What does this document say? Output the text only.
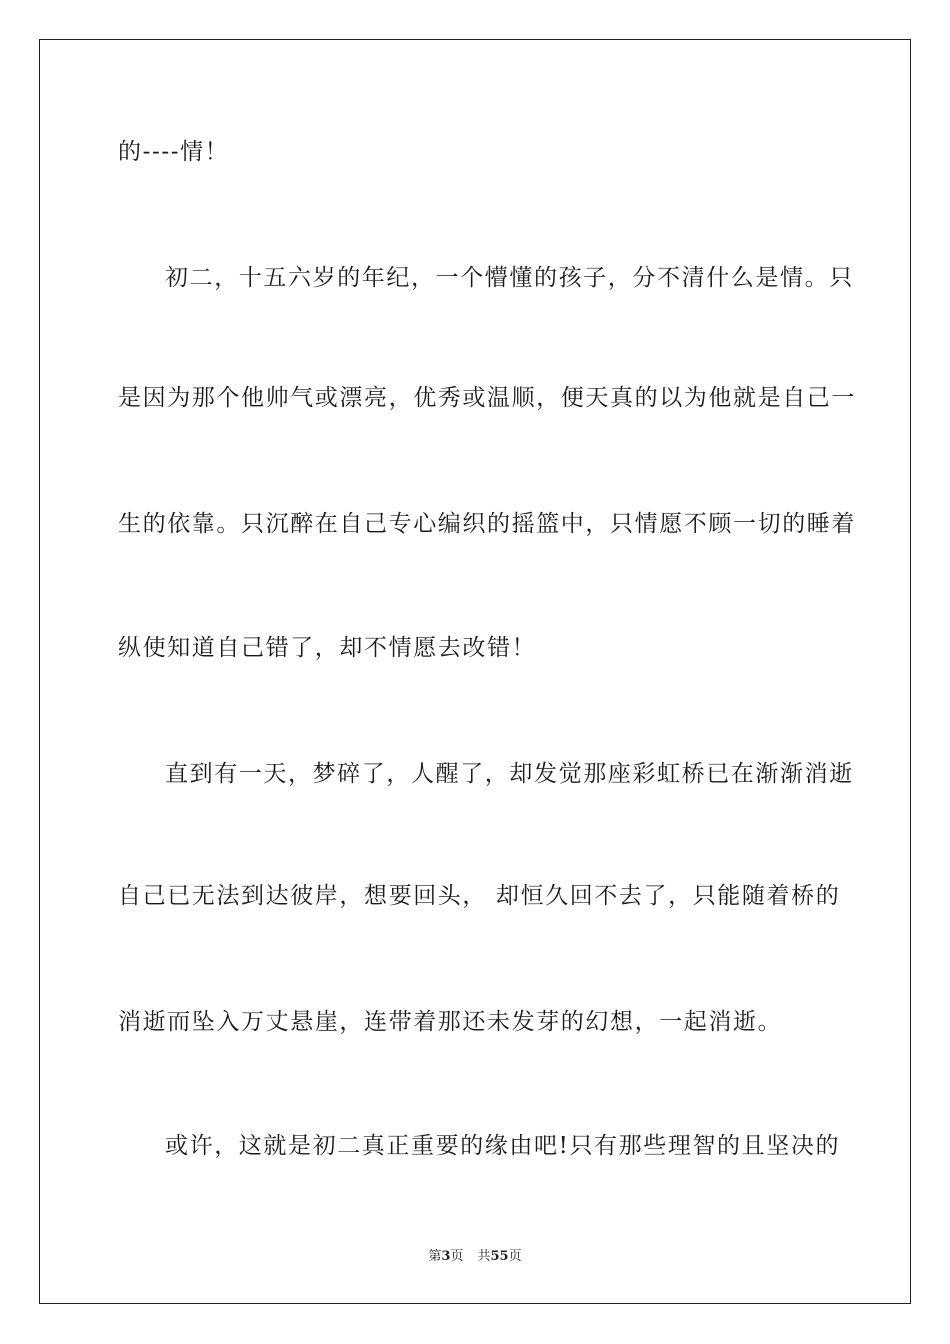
的----情！
初二，十五六岁的年纪，一个懵懂的孩子，分不清什么是情。只
是因为那个他帅气或漂亮，优秀或温顺，便天真的以为他就是自己一
生的依靠。只沉醉在自己专心编织的摇篮中，只情愿不顾一切的睡着
纵使知道自己错了，却不情愿去改错！
直到有一天，梦碎了，人醒了，却发觉那座彩虹桥已在渐渐消逝
自己已无法到达彼岸，想要回头， 却恒久回不去了，只能随着桥的
消逝而坠入万丈悬崖，连带着那还未发芽的幻想，一起消逝。
或许，这就是初二真正重要的缘由吧!只有那些理智的且坚决的
第3页 共55页
